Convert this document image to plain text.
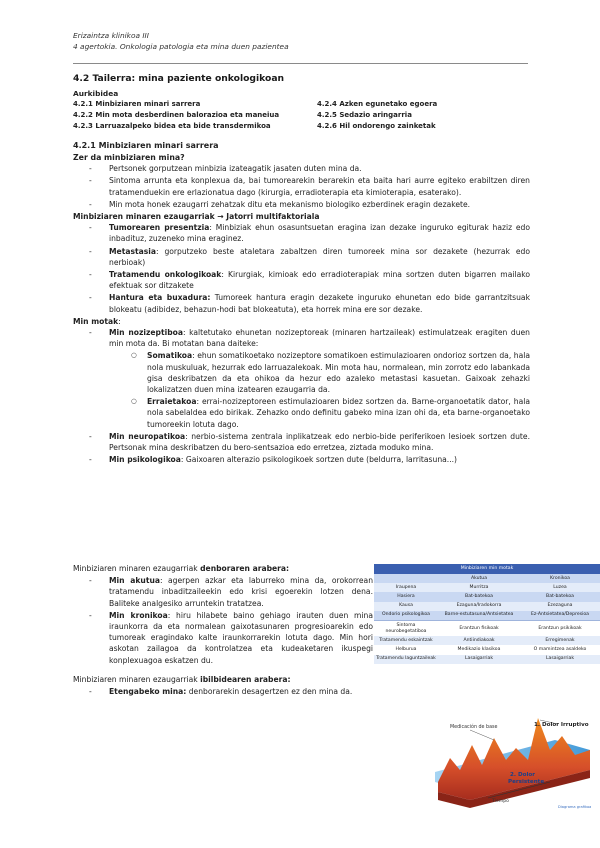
Erizaintza klinikoa III
4 agertokia. Onkologia patologia eta mina duen pazientea
4.2 Tailerra: mina paziente onkologikoan
Aurkibidea
4.2.1 Minbiziaren minari sarrera
4.2.2 Min mota desberdinen balorazioa eta maneiua
4.2.3 Larruazalpeko bidea eta bide transdermikoa
4.2.4 Azken egunetako egoera
4.2.5 Sedazio aringarria
4.2.6 Hil ondorengo zainketak
4.2.1 Minbiziaren minari sarrera
Zer da minbiziaren mina?
- Pertsonek gorputzean minbizia izateagatik jasaten duten mina da.
- Sintoma arrunta eta konplexua da, bai tumorearekin berarekin eta baita hari aurre egiteko erabiltzen diren tratamenduekin ere erlazionatua dago (kirurgia, erradioterapia eta kimioterapia, esaterako).
- Min mota honek ezaugarri zehatzak ditu eta mekanismo biologiko ezberdinek eragin dezakete.
Minbiziaren minaren ezaugarriak → Jatorri multifaktoriala
- Tumorearen presentzia: Minbiziak ehun osasuntsuetan eragina izan dezake inguruko egiturak haziz edo inbadituz, zuzeneko mina eraginez.
- Metastasia: gorputzeko beste ataletara zabaltzen diren tumoreek mina sor dezakete (hezurrak edo nerbioak)
- Tratamendu onkologikoak: Kirurgiak, kimioak edo erradioterapiak mina sortzen duten bigarren mailako efektuak sor ditzakete
- Hantura eta buxadura: Tumoreek hantura eragin dezakete inguruko ehunetan edo bide garrantzitsuak blokeatu (adibidez, behazun-hodi bat blokeatuta), eta horrek mina ere sor dezake.
Min motak:
- Min nozizeptiboa: kaltetutako ehunetan nozizeptoreak (minaren hartzaileak) estimulatzeak eragiten duen min mota da. Bi motatan bana daiteke:
○ Somatikoa: ehun somatikoetako nozizeptore somatikoen estimulazioaren ondorioz sortzen da, hala nola muskuluak, hezurrak edo larruazalekoak. Min mota hau, normalean, min zorrotz edo labankada gisa deskribatzen da eta ohikoa da hezur edo azaleko metastasi kasuetan. Gaixoak zehazki lokalizatzen duen mina izatearen ezaugarria da.
○ Erraietakoa: errai-nozizeptoreen estimulazioaren bidez sortzen da. Barne-organoetatik dator, hala nola sabelaldea edo birikak. Zehazko ondo definitu gabeko mina izan ohi da, eta barne-organoetako tumoreekin lotuta dago.
- Min neuropatikoa: nerbio-sistema zentrala inplikatzeak edo nerbio-bide periferikoen lesioek sortzen dute. Pertsonak mina deskribatzen du bero-sentsazioa edo erretzea, ziztada moduko mina.
- Min psikologikoa: Gaixoaren alterazio psikologikoek sortzen dute (beldurra, larritasuna...)

Minbiziaren minaren ezaugarriak denboraren arabera:

- Min akutua: agerpen azkar eta laburreko mina da, orokorrean tratamendu inbaditzaileekin edo krisi egoerekin lotzen dena. Baliteke analgesiko arruntekin tratatzea.
- Min kronikoa: hiru hilabete baino gehiago irauten duen mina iraunkorra da eta normalean gaixotasunaren progresioarekin edo tumoreak eragindako kalte iraunkorrarekin lotuta dago. Min hori askotan zailagoa da kontrolatzea eta kudeaketaren ikuspegi konplexuagoa eskatzen du.

Minbiziaren minaren ezaugarriak ibilbidearen arabera:

- Etengabeko mina: denborarekin desagertzen ez den mina da.
Minbiziaren min motak		
	Akutua	Kronikoa
Iraupena	Murritza	Luzea
Hasiera	Bat-batekoa	Bat-batekoa
Kausa	Ezaguna/Iradokorra	Ezezaguna
Ondorio psikologikoa	Barne-estutasuna/Antsietatea	Ez-Antsietatea/Depresioa
Sintoma neurobegetatiboa	Erantzun fisikoak	Erantzun psikikoak
Tratamendu eskaintzak	Antiindiakoak	Erregimenak
Helburua	Medikazio klasikoa	O mamintzea asaldeko
Tratamendu laguntzaileak	Lasaigarriak	Lasaigarriak
Medicación de base	1. Dolor Irruptivo
2. Dolor
Persistente
Tiempo
Diagrama grafikoa
